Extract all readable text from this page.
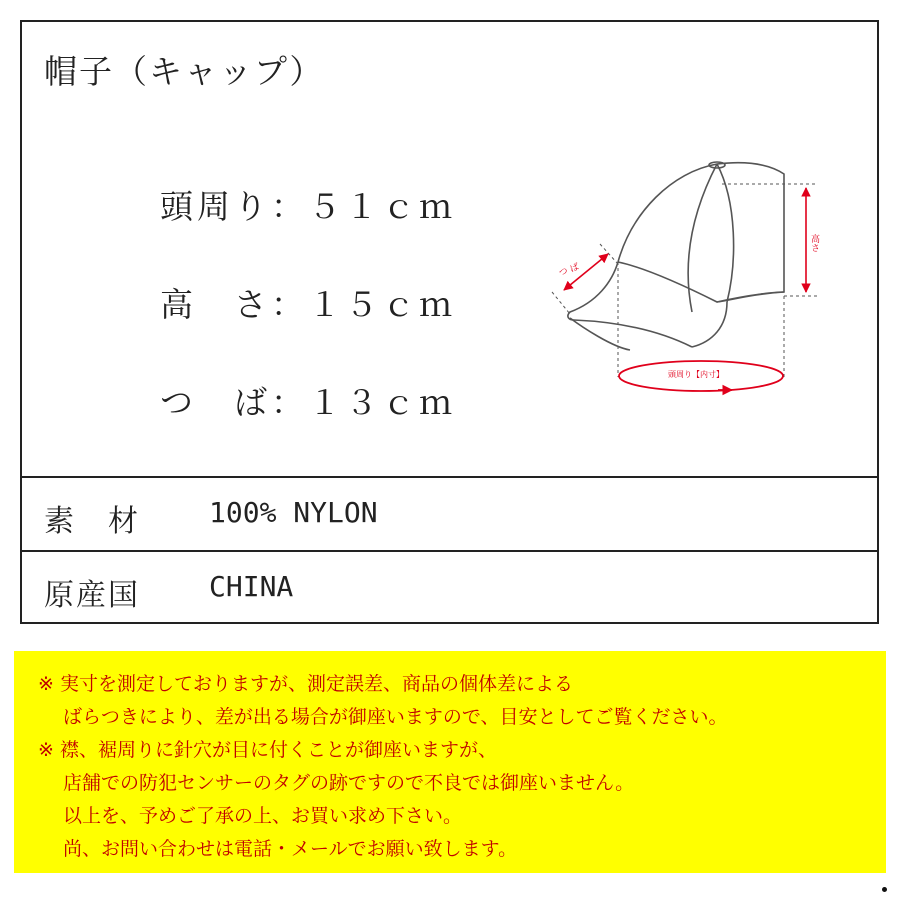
帽子（キャップ）

頭周り：５１ｃｍ

高　さ：１５ｃｍ

つ　ば：１３ｃｍ

高さ
つ ば
頭周り【内寸】
素　材 100% NYLON
原産国 CHINA

※ 実寸を測定しておりますが、測定誤差、商品の個体差による

　 ばらつきにより、差が出る場合が御座いますので、目安としてご覧ください。

※ 襟、裾周りに針穴が目に付くことが御座いますが、

　 店舗での防犯センサーのタグの跡ですので不良では御座いません。

　 以上を、予めご了承の上、お買い求め下さい。

　 尚、お問い合わせは電話・メールでお願い致します。
